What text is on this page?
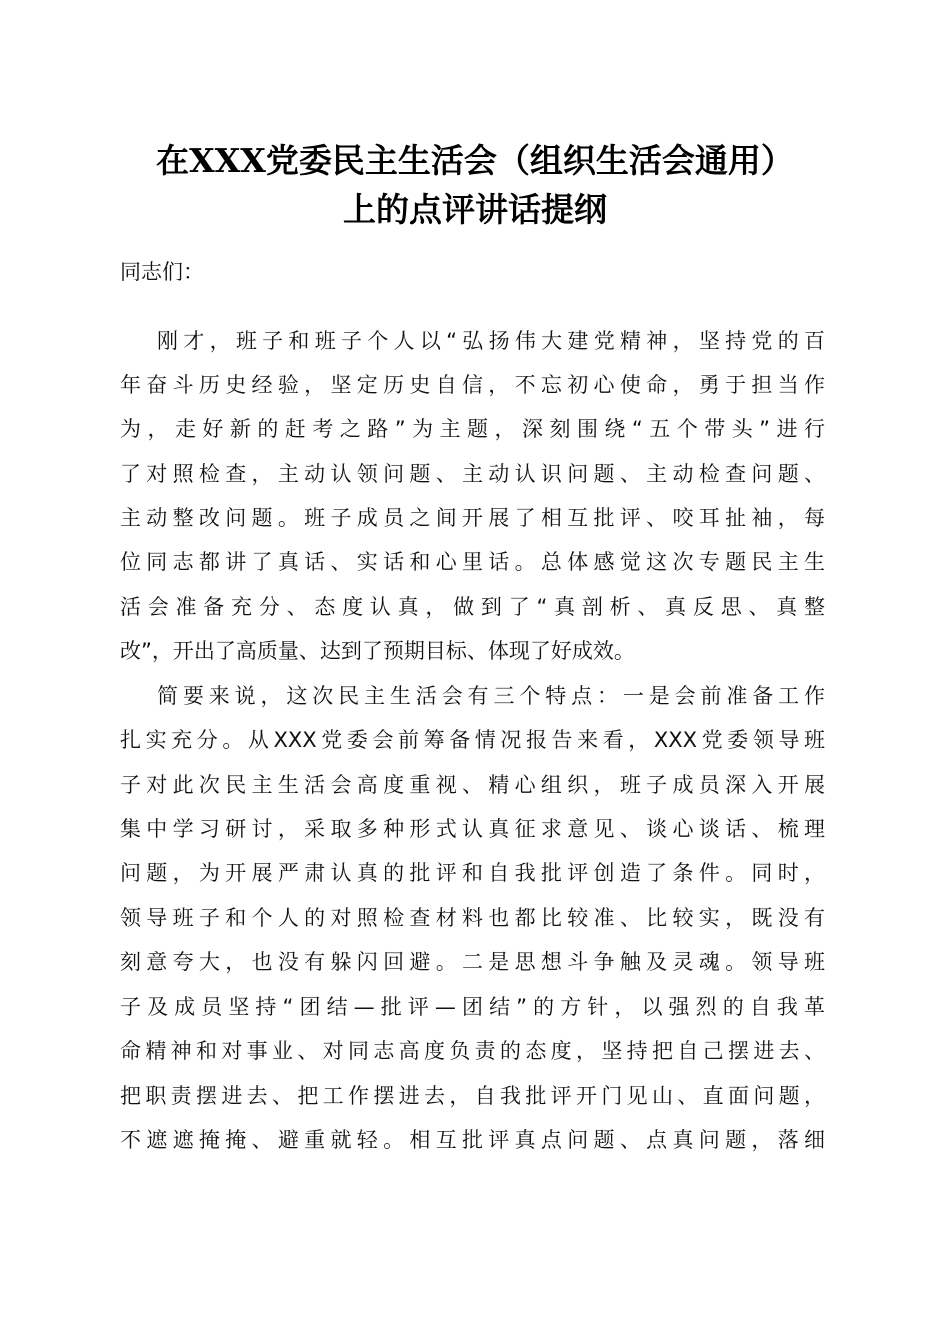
在XXX党委民主生活会（组织生活会通用）
上的点评讲话提纲
同志们：
刚才，班子和班子个人以“弘扬伟大建党精神，坚持党的百
年奋斗历史经验，坚定历史自信，不忘初心使命，勇于担当作
为，走好新的赶考之路”为主题，深刻围绕“五个带头”进行
了对照检查，主动认领问题、主动认识问题、主动检查问题、
主动整改问题。班子成员之间开展了相互批评、咬耳扯袖，每
位同志都讲了真话、实话和心里话。总体感觉这次专题民主生
活会准备充分、态度认真，做到了“真剖析、真反思、真整
改”，开出了高质量、达到了预期目标、体现了好成效。
简要来说，这次民主生活会有三个特点：一是会前准备工作
扎实充分。从XXX党委会前筹备情况报告来看，XXX党委领导班
子对此次民主生活会高度重视、精心组织，班子成员深入开展
集中学习研讨，采取多种形式认真征求意见、谈心谈话、梳理
问题，为开展严肃认真的批评和自我批评创造了条件。同时，
领导班子和个人的对照检查材料也都比较准、比较实，既没有
刻意夸大，也没有躲闪回避。二是思想斗争触及灵魂。领导班
子及成员坚持“团结—批评—团结”的方针，以强烈的自我革
命精神和对事业、对同志高度负责的态度，坚持把自己摆进去、
把职责摆进去、把工作摆进去，自我批评开门见山、直面问题，
不遮遮掩掩、避重就轻。相互批评真点问题、点真问题，落细
